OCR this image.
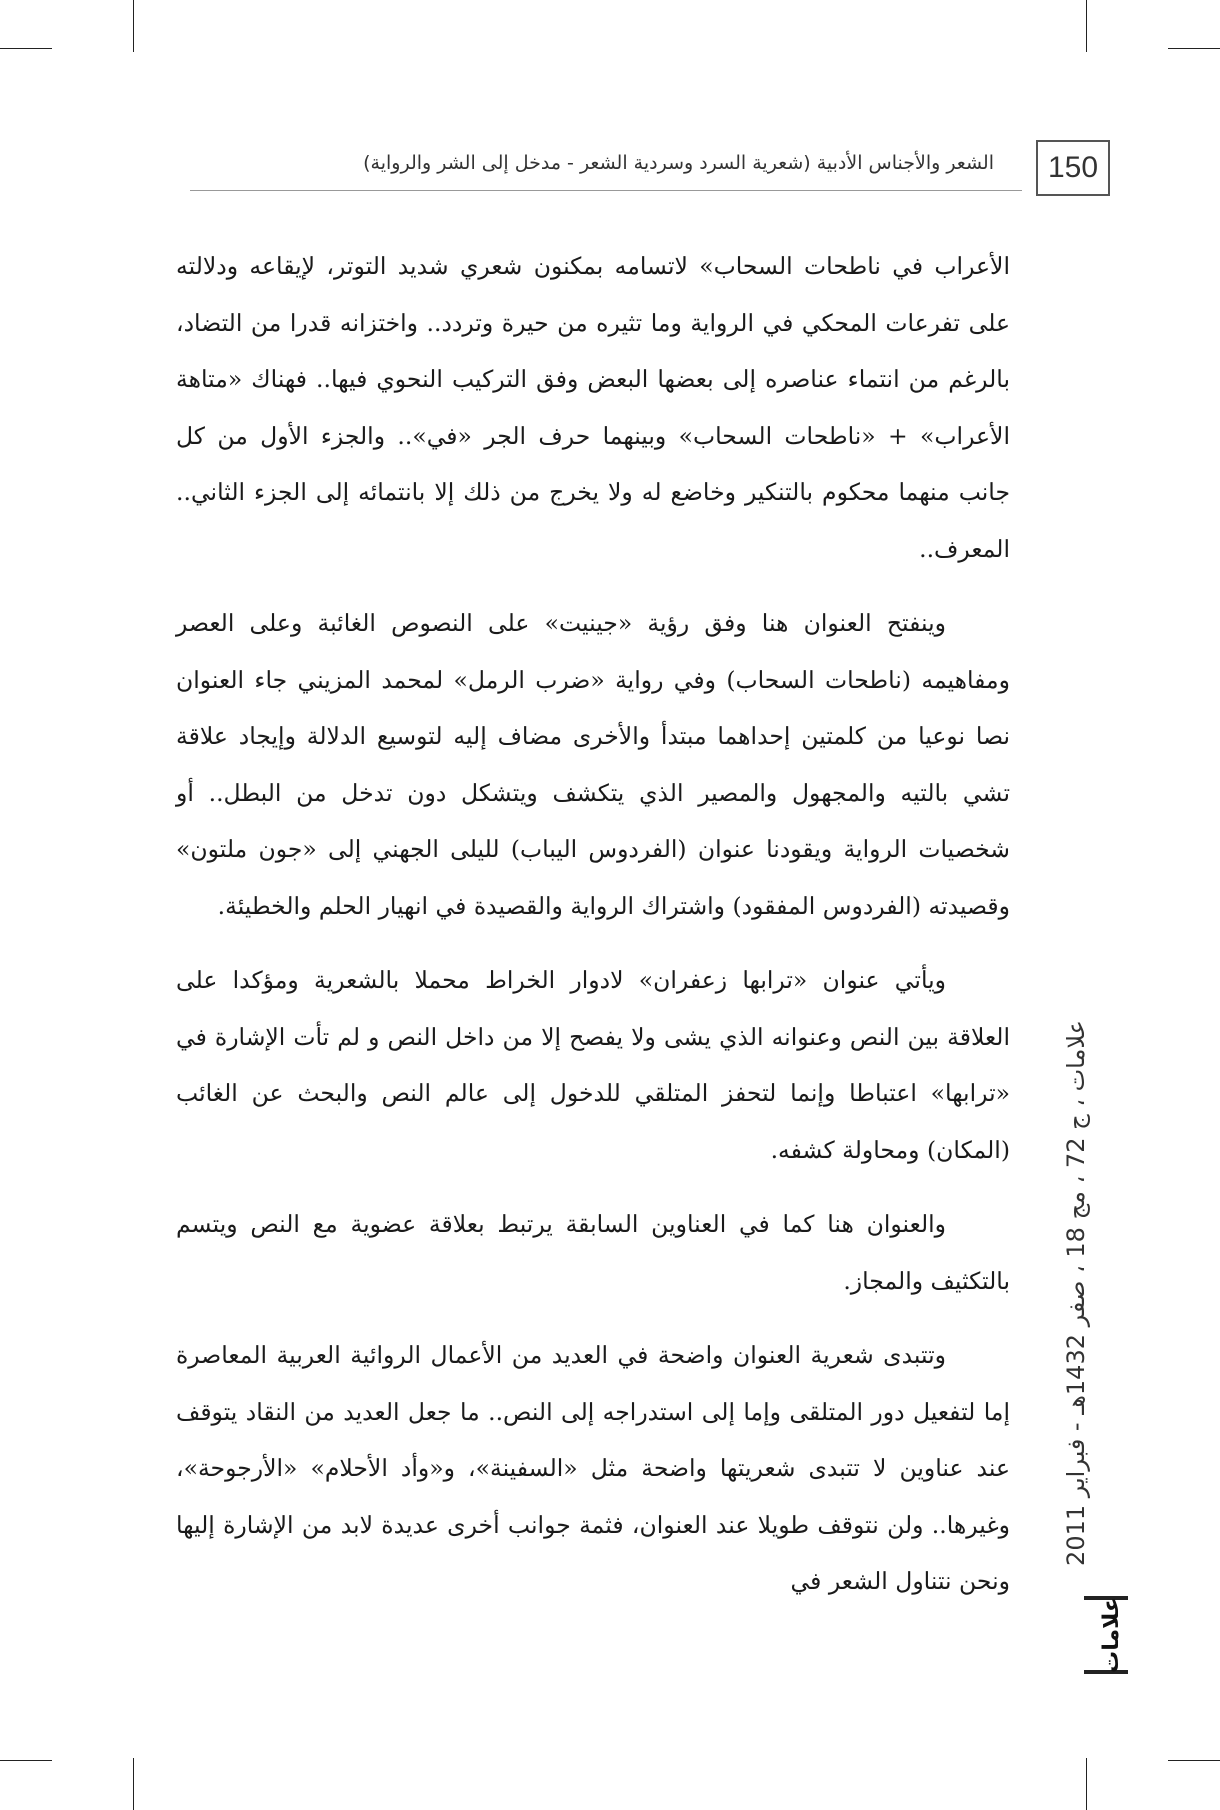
150
الشعر والأجناس الأدبية (شعرية السرد وسردية الشعر - مدخل إلى الشر والرواية)

الأعراب في ناطحات السحاب» لاتسامه بمكنون شعري شديد التوتر، لإيقاعه ودلالته على تفرعات المحكي في الرواية وما تثيره من حيرة وتردد.. واختزانه قدرا من التضاد، بالرغم من انتماء عناصره إلى بعضها البعض وفق التركيب النحوي فيها.. فهناك «متاهة الأعراب» + «ناطحات السحاب» وبينهما حرف الجر «في».. والجزء الأول من كل جانب منهما محكوم بالتنكير وخاضع له ولا يخرج من ذلك إلا بانتمائه إلى الجزء الثاني.. المعرف..

وينفتح العنوان هنا وفق رؤية «جينيت» على النصوص الغائبة وعلى العصر ومفاهيمه (ناطحات السحاب) وفي رواية «ضرب الرمل» لمحمد المزيني جاء العنوان نصا نوعيا من كلمتين إحداهما مبتدأ والأخرى مضاف إليه لتوسيع الدلالة وإيجاد علاقة تشي بالتيه والمجهول والمصير الذي يتكشف ويتشكل دون تدخل من البطل.. أو شخصيات الرواية ويقودنا عنوان (الفردوس اليباب) لليلى الجهني إلى «جون ملتون» وقصيدته (الفردوس المفقود) واشتراك الرواية والقصيدة في انهيار الحلم والخطيئة.

ويأتي عنوان «ترابها زعفران» لادوار الخراط محملا بالشعرية ومؤكدا على العلاقة بين النص وعنوانه الذي يشى ولا يفصح إلا من داخل النص و لم تأت الإشارة في «ترابها» اعتباطا وإنما لتحفز المتلقي للدخول إلى عالم النص والبحث عن الغائب (المكان) ومحاولة كشفه.

والعنوان هنا كما في العناوين السابقة يرتبط بعلاقة عضوية مع النص ويتسم بالتكثيف والمجاز.

وتتبدى شعرية العنوان واضحة في العديد من الأعمال الروائية العربية المعاصرة إما لتفعيل دور المتلقى وإما إلى استدراجه إلى النص.. ما جعل العديد من النقاد يتوقف عند عناوين لا تتبدى شعريتها واضحة مثل «السفينة»، و«وأد الأحلام» «الأرجوحة»، وغيرها.. ولن نتوقف طويلا عند العنوان، فثمة جوانب أخرى عديدة لابد من الإشارة إليها ونحن نتناول الشعر في

علامات ، ج 72 ، مج 18 ، صفر 1432هـ - فبراير 2011
علامات
